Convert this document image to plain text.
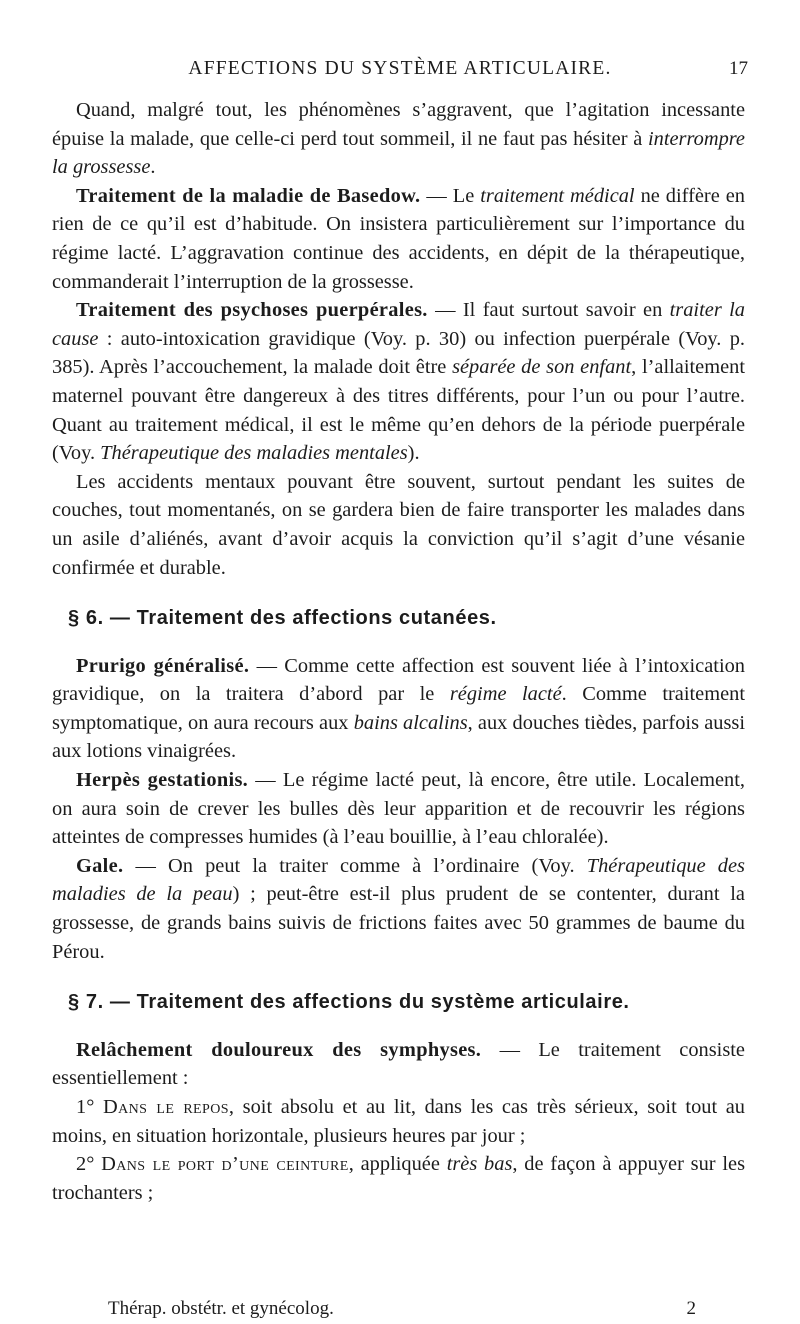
AFFECTIONS DU SYSTÈME ARTICULAIRE.	17

Quand, malgré tout, les phénomènes s’aggravent, que l’agitation incessante épuise la malade, que celle-ci perd tout sommeil, il ne faut pas hésiter à interrompre la grossesse.

Traitement de la maladie de Basedow. — Le traitement médical ne diffère en rien de ce qu’il est d’habitude. On insistera particulièrement sur l’importance du régime lacté. L’aggravation continue des accidents, en dépit de la thérapeutique, commanderait l’interruption de la grossesse.

Traitement des psychoses puerpérales. — Il faut surtout savoir en traiter la cause : auto-intoxication gravidique (Voy. p. 30) ou infection puerpérale (Voy. p. 385). Après l’accouchement, la malade doit être séparée de son enfant, l’allaitement maternel pouvant être dangereux à des titres différents, pour l’un ou pour l’autre. Quant au traitement médical, il est le même qu’en dehors de la période puerpérale (Voy. Thérapeutique des maladies mentales).

Les accidents mentaux pouvant être souvent, surtout pendant les suites de couches, tout momentanés, on se gardera bien de faire transporter les malades dans un asile d’aliénés, avant d’avoir acquis la conviction qu’il s’agit d’une vésanie confirmée et durable.

§ 6. — Traitement des affections cutanées.

Prurigo généralisé. — Comme cette affection est souvent liée à l’intoxication gravidique, on la traitera d’abord par le régime lacté. Comme traitement symptomatique, on aura recours aux bains alcalins, aux douches tièdes, parfois aussi aux lotions vinaigrées.

Herpès gestationis. — Le régime lacté peut, là encore, être utile. Localement, on aura soin de crever les bulles dès leur apparition et de recouvrir les régions atteintes de compresses humides (à l’eau bouillie, à l’eau chloralée).

Gale. — On peut la traiter comme à l’ordinaire (Voy. Thérapeutique des maladies de la peau) ; peut-être est-il plus prudent de se contenter, durant la grossesse, de grands bains suivis de frictions faites avec 50 grammes de baume du Pérou.

§ 7. — Traitement des affections du système articulaire.

Relâchement douloureux des symphyses. — Le traitement consiste essentiellement :

1° Dans le repos, soit absolu et au lit, dans les cas très sérieux, soit tout au moins, en situation horizontale, plusieurs heures par jour ;

2° Dans le port d’une ceinture, appliquée très bas, de façon à appuyer sur les trochanters ;

Thérap. obstétr. et gynécolog.	2
